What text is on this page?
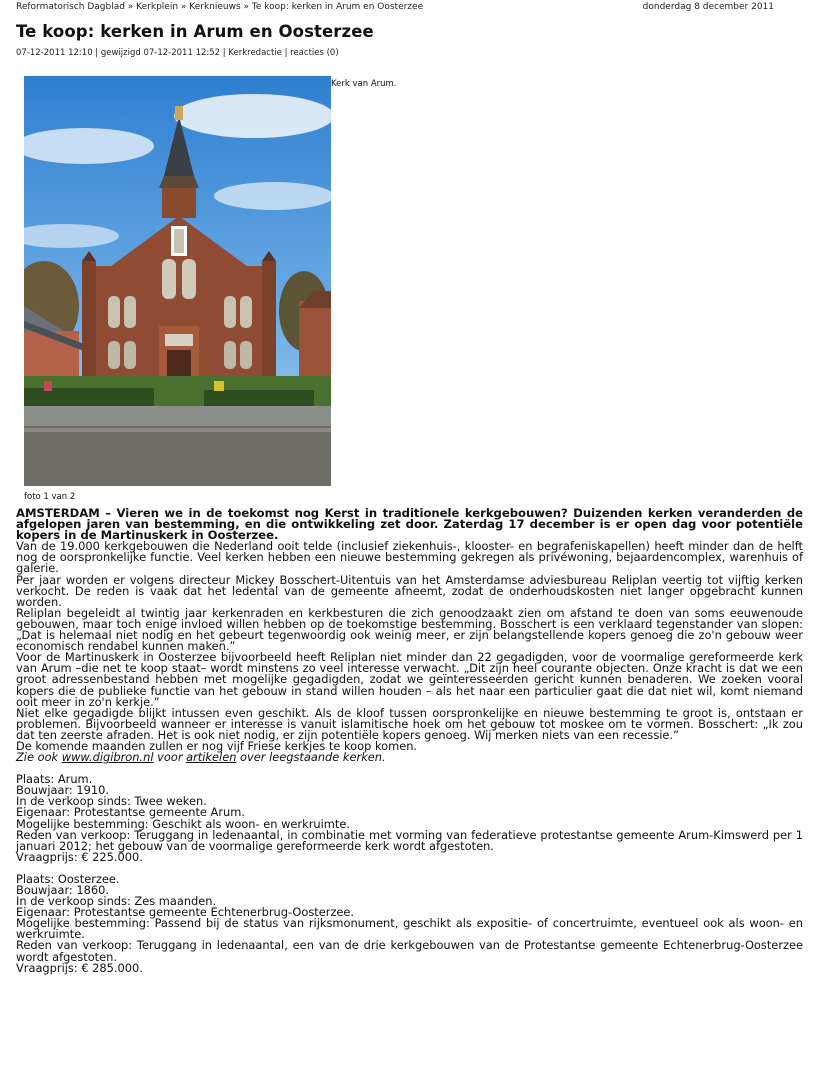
Reformatorisch Dagblad » Kerkplein » Kerknieuws » Te koop: kerken in Arum en Oosterzee	donderdag 8 december 2011
Te koop: kerken in Arum en Oosterzee
07-12-2011 12:10 | gewijzigd 07-12-2011 12:52 | Kerkredactie | reacties (0)
Kerk van Arum.
foto 1 van 2

AMSTERDAM – Vieren we in de toekomst nog Kerst in traditionele kerkgebouwen? Duizenden kerken veranderden de afgelopen jaren van bestemming, en die ontwikkeling zet door. Zaterdag 17 december is er open dag voor potentiële kopers in de Martinuskerk in Oosterzee.

Van de 19.000 kerkgebouwen die Nederland ooit telde (inclusief ziekenhuis-, klooster- en begrafeniskapellen) heeft minder dan de helft nog de oorspronkelijke functie. Veel kerken hebben een nieuwe bestemming gekregen als privéwoning, bejaardencomplex, warenhuis of galerie.

Per jaar worden er volgens directeur Mickey Bosschert-Uitentuis van het Amsterdamse adviesbureau Reliplan veertig tot vijftig kerken verkocht. De reden is vaak dat het ledental van de gemeente afneemt, zodat de onderhoudskosten niet langer opgebracht kunnen worden.

Reliplan begeleidt al twintig jaar kerkenraden en kerkbesturen die zich genoodzaakt zien om afstand te doen van soms eeuwenoude gebouwen, maar toch enige invloed willen hebben op de toekomstige bestemming. Bosschert is een verklaard tegenstander van slopen: „Dat is helemaal niet nodig en het gebeurt tegenwoordig ook weinig meer, er zijn belangstellende kopers genoeg die zo'n gebouw weer economisch rendabel kunnen maken.”

Voor de Martinuskerk in Oosterzee bijvoorbeeld heeft Reliplan niet minder dan 22 gegadigden, voor de voormalige gereformeerde kerk van Arum –die net te koop staat– wordt minstens zo veel interesse verwacht. „Dit zijn heel courante objecten. Onze kracht is dat we een groot adressenbestand hebben met mogelijke gegadigden, zodat we geïnteresseerden gericht kunnen benaderen. We zoeken vooral kopers die de publieke functie van het gebouw in stand willen houden – als het naar een particulier gaat die dat niet wil, komt niemand ooit meer in zo'n kerkje.”

Niet elke gegadigde blijkt intussen even geschikt. Als de kloof tussen oorspronkelijke en nieuwe bestemming te groot is, ontstaan er problemen. Bijvoorbeeld wanneer er interesse is vanuit islamitische hoek om het gebouw tot moskee om te vormen. Bosschert: „Ik zou dat ten zeerste afraden. Het is ook niet nodig, er zijn potentiële kopers genoeg. Wij merken niets van een recessie.”

De komende maanden zullen er nog vijf Friese kerkjes te koop komen.

Zie ook www.digibron.nl voor artikelen over leegstaande kerken.

Plaats: Arum.

Bouwjaar: 1910.

In de verkoop sinds: Twee weken.

Eigenaar: Protestantse gemeente Arum.

Mogelijke bestemming: Geschikt als woon- en werkruimte.

Reden van verkoop: Teruggang in ledenaantal, in combinatie met vorming van federatieve protestantse gemeente Arum-Kimswerd per 1 januari 2012; het gebouw van de voormalige gereformeerde kerk wordt afgestoten.

Vraagprijs: € 225.000.

Plaats: Oosterzee.

Bouwjaar: 1860.

In de verkoop sinds: Zes maanden.

Eigenaar: Protestantse gemeente Echtenerbrug-Oosterzee.

Mogelijke bestemming: Passend bij de status van rijksmonument, geschikt als expositie- of concertruimte, eventueel ook als woon- en werkruimte.

Reden van verkoop: Teruggang in ledenaantal, een van de drie kerkgebouwen van de Protestantse gemeente Echtenerbrug-Oosterzee wordt afgestoten.

Vraagprijs: € 285.000.
